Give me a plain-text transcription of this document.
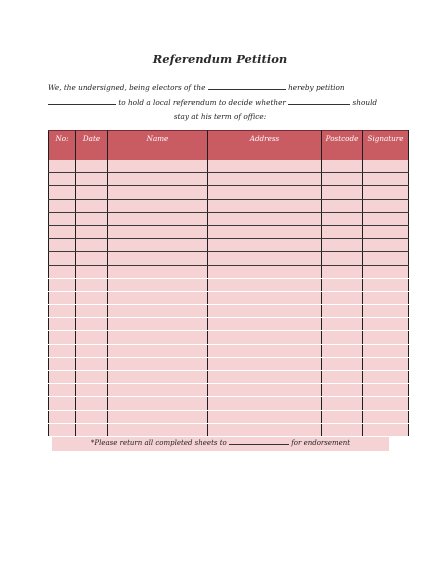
Referendum Petition
We, the undersigned, being electors of the	hereby petition
to hold a local referendum to decide whether	should
stay at his term of office:
No:	Date	Name	Address	Postcode	Signature

*Please return all completed sheets to	for endorsement
